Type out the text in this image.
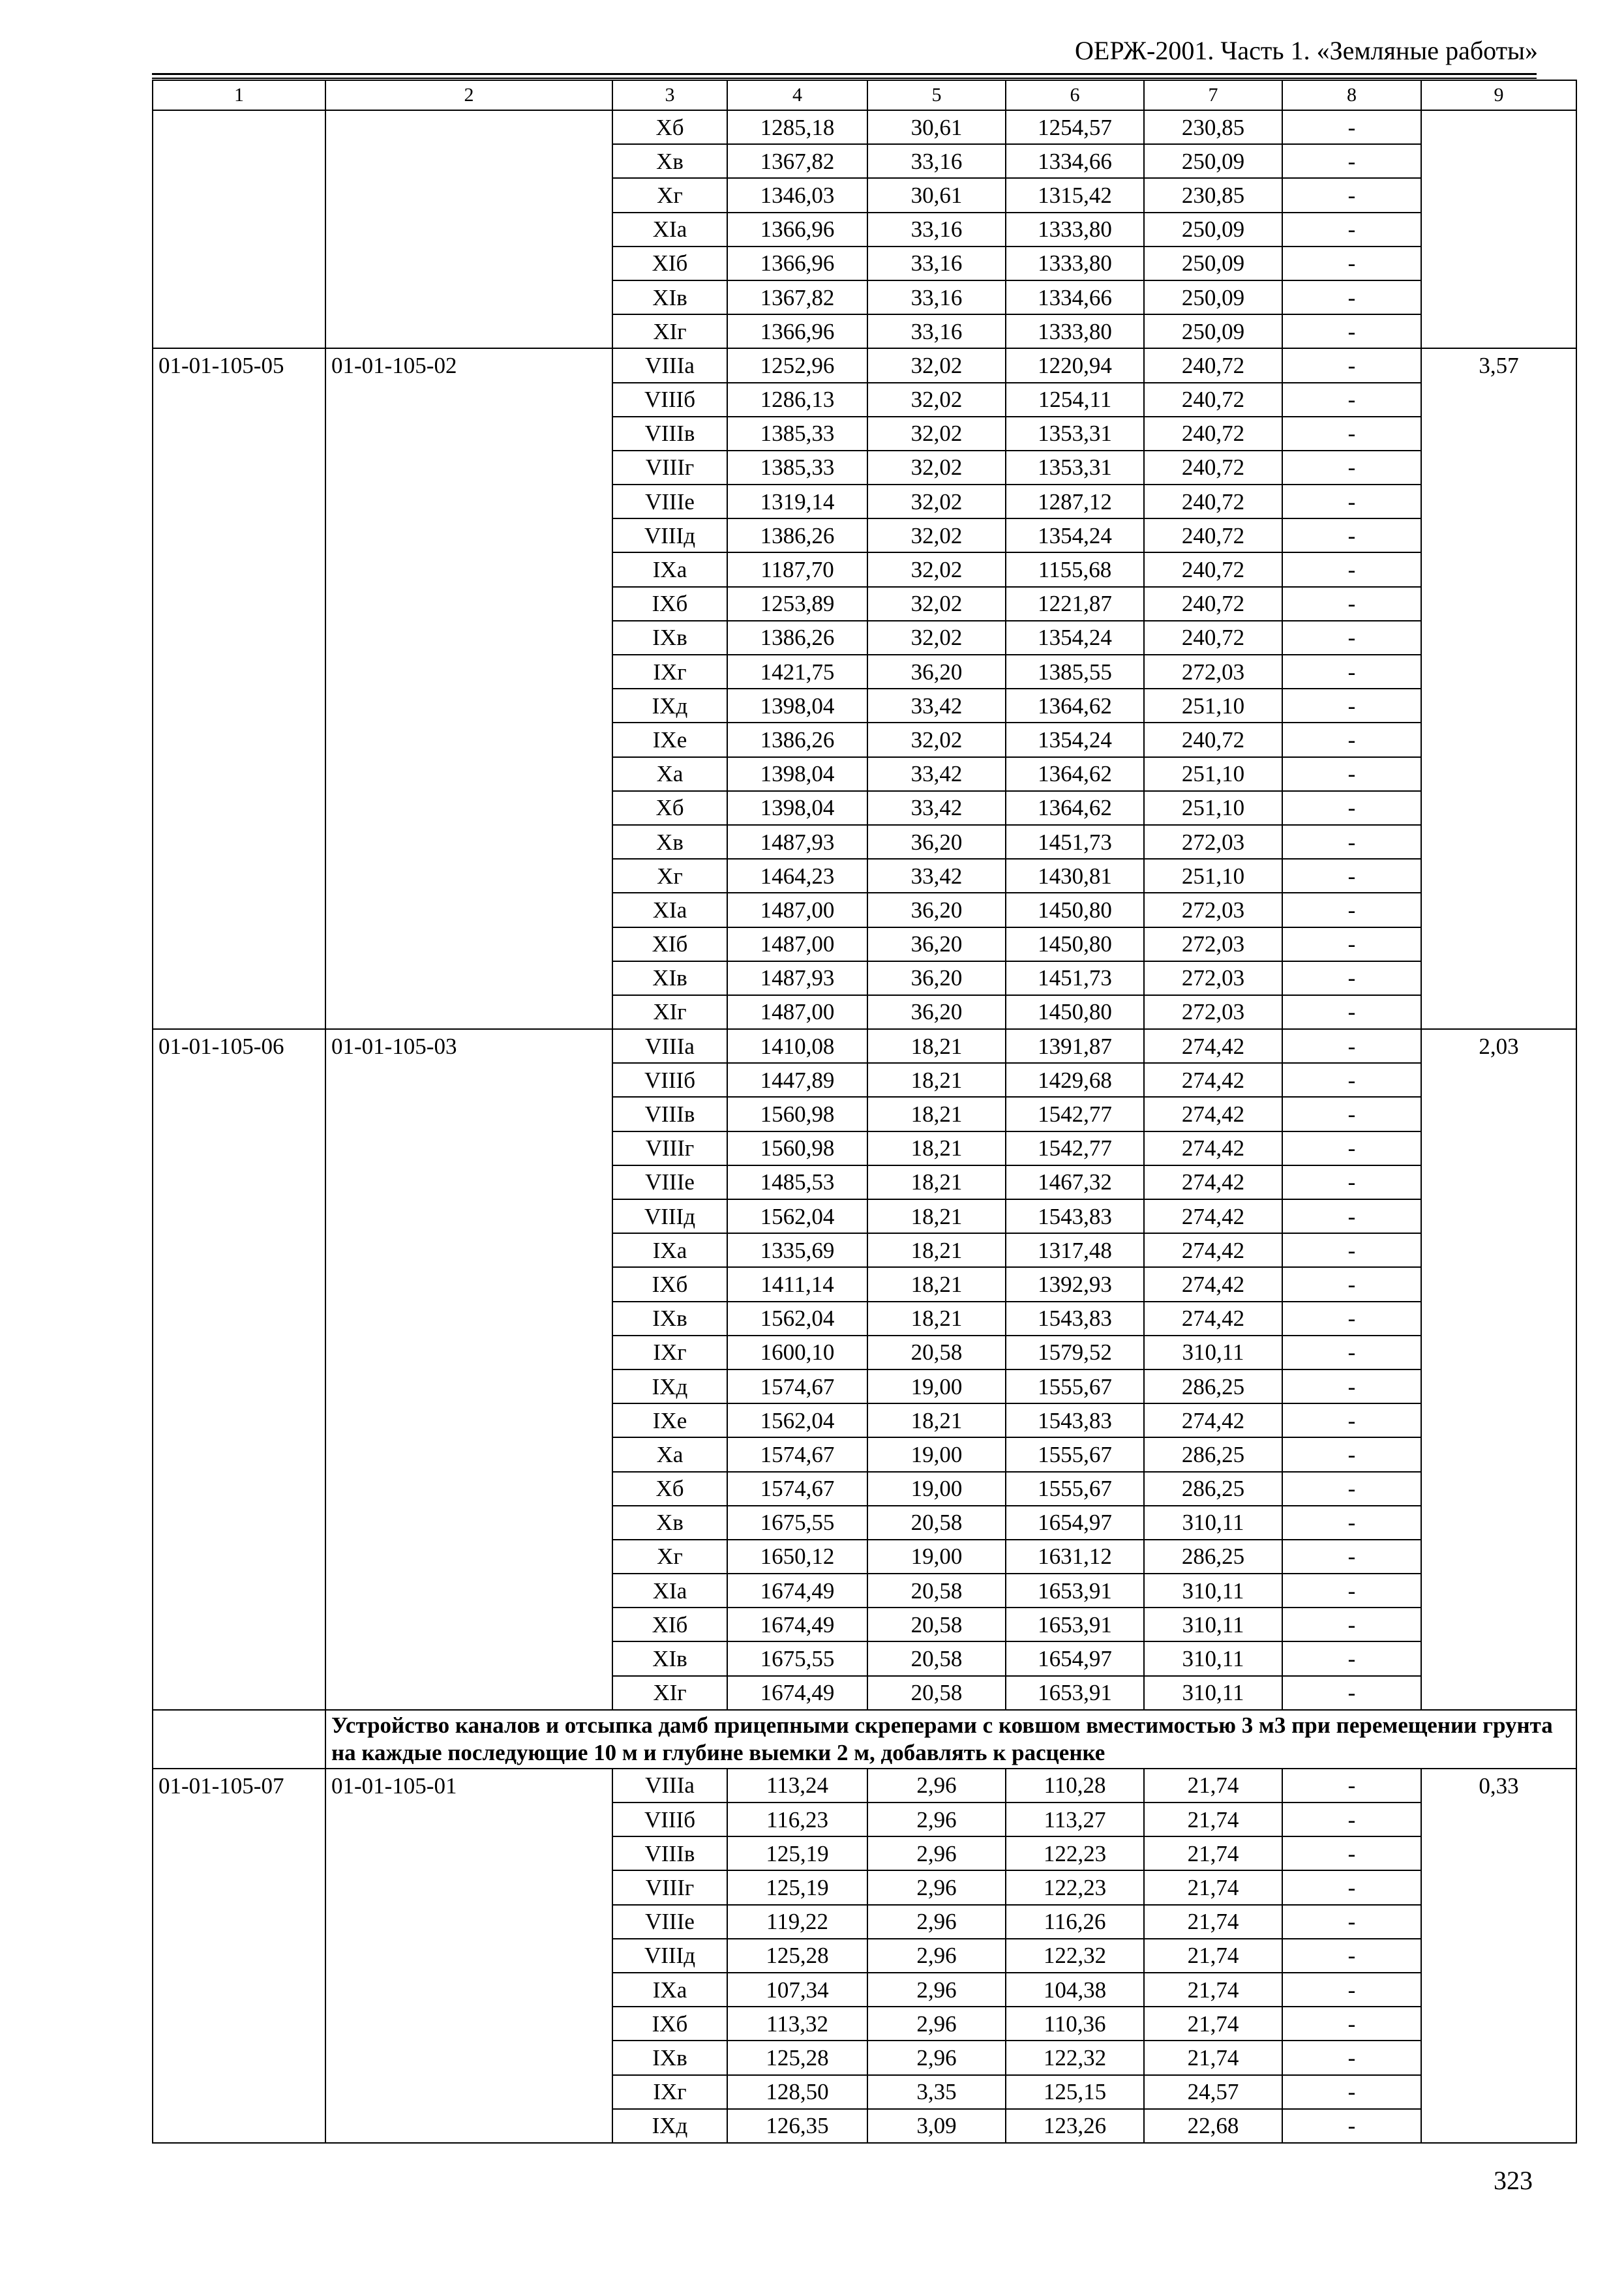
ОЕРЖ-2001. Часть 1. «Земляные работы»
1	2	3	4	5	6	7	8	9
		Xб	1285,18	30,61	1254,57	230,85	-	
		Xв	1367,82	33,16	1334,66	250,09	-	
		Xг	1346,03	30,61	1315,42	230,85	-	
		XIа	1366,96	33,16	1333,80	250,09	-	
		XIб	1366,96	33,16	1333,80	250,09	-	
		XIв	1367,82	33,16	1334,66	250,09	-	
		XIг	1366,96	33,16	1333,80	250,09	-	
01-01-105-05	01-01-105-02	VIIIа	1252,96	32,02	1220,94	240,72	-	3,57
		VIIIб	1286,13	32,02	1254,11	240,72	-	
		VIIIв	1385,33	32,02	1353,31	240,72	-	
		VIIIг	1385,33	32,02	1353,31	240,72	-	
		VIIIе	1319,14	32,02	1287,12	240,72	-	
		VIIIд	1386,26	32,02	1354,24	240,72	-	
		IXа	1187,70	32,02	1155,68	240,72	-	
		IXб	1253,89	32,02	1221,87	240,72	-	
		IXв	1386,26	32,02	1354,24	240,72	-	
		IXг	1421,75	36,20	1385,55	272,03	-	
		IXд	1398,04	33,42	1364,62	251,10	-	
		IXе	1386,26	32,02	1354,24	240,72	-	
		Xа	1398,04	33,42	1364,62	251,10	-	
		Xб	1398,04	33,42	1364,62	251,10	-	
		Xв	1487,93	36,20	1451,73	272,03	-	
		Xг	1464,23	33,42	1430,81	251,10	-	
		XIа	1487,00	36,20	1450,80	272,03	-	
		XIб	1487,00	36,20	1450,80	272,03	-	
		XIв	1487,93	36,20	1451,73	272,03	-	
		XIг	1487,00	36,20	1450,80	272,03	-	
01-01-105-06	01-01-105-03	VIIIа	1410,08	18,21	1391,87	274,42	-	2,03
		VIIIб	1447,89	18,21	1429,68	274,42	-	
		VIIIв	1560,98	18,21	1542,77	274,42	-	
		VIIIг	1560,98	18,21	1542,77	274,42	-	
		VIIIе	1485,53	18,21	1467,32	274,42	-	
		VIIIд	1562,04	18,21	1543,83	274,42	-	
		IXа	1335,69	18,21	1317,48	274,42	-	
		IXб	1411,14	18,21	1392,93	274,42	-	
		IXв	1562,04	18,21	1543,83	274,42	-	
		IXг	1600,10	20,58	1579,52	310,11	-	
		IXд	1574,67	19,00	1555,67	286,25	-	
		IXе	1562,04	18,21	1543,83	274,42	-	
		Xа	1574,67	19,00	1555,67	286,25	-	
		Xб	1574,67	19,00	1555,67	286,25	-	
		Xв	1675,55	20,58	1654,97	310,11	-	
		Xг	1650,12	19,00	1631,12	286,25	-	
		XIа	1674,49	20,58	1653,91	310,11	-	
		XIб	1674,49	20,58	1653,91	310,11	-	
		XIв	1675,55	20,58	1654,97	310,11	-	
		XIг	1674,49	20,58	1653,91	310,11	-	
	Устройство каналов и отсыпка дамб прицепными скреперами с ковшом вместимостью 3 м3 при перемещении грунта на каждые последующие 10 м и глубине выемки 2 м, добавлять к расценке							
01-01-105-07	01-01-105-01	VIIIа	113,24	2,96	110,28	21,74	-	0,33
		VIIIб	116,23	2,96	113,27	21,74	-	
		VIIIв	125,19	2,96	122,23	21,74	-	
		VIIIг	125,19	2,96	122,23	21,74	-	
		VIIIе	119,22	2,96	116,26	21,74	-	
		VIIIд	125,28	2,96	122,32	21,74	-	
		IXа	107,34	2,96	104,38	21,74	-	
		IXб	113,32	2,96	110,36	21,74	-	
		IXв	125,28	2,96	122,32	21,74	-	
		IXг	128,50	3,35	125,15	24,57	-	
		IXд	126,35	3,09	123,26	22,68	-	
323
